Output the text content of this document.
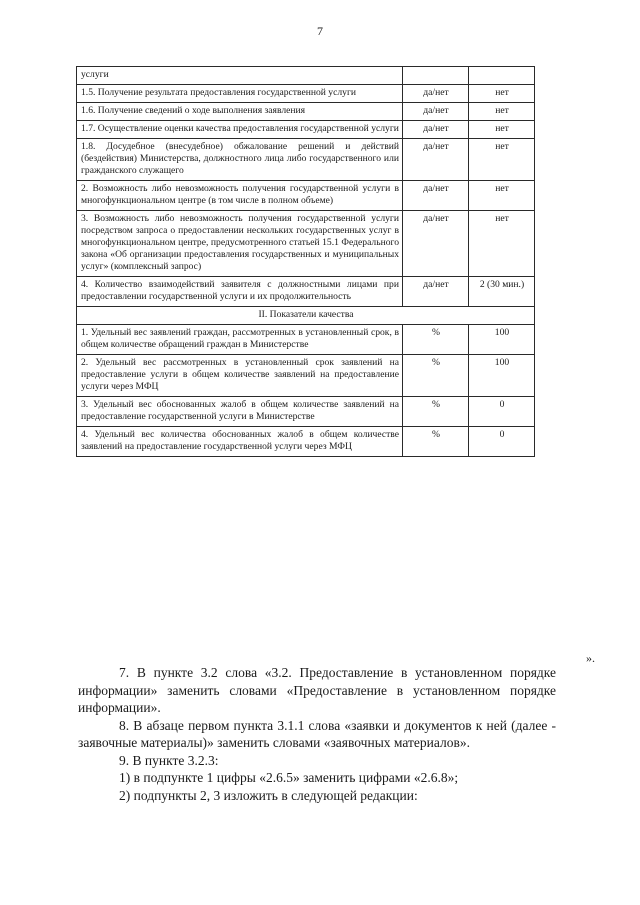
7
услуги		
1.5. Получение результата предоставления государственной услуги	да/нет	нет
1.6. Получение сведений о ходе выполнения заявления	да/нет	нет
1.7. Осуществление оценки качества предоставления государственной услуги	да/нет	нет
1.8. Досудебное (внесудебное) обжалование решений и действий (бездействия) Министерства, должностного лица либо государственного или гражданского служащего	да/нет	нет
2. Возможность либо невозможность получения государственной услуги в многофункциональном центре (в том числе в полном объеме)	да/нет	нет
3. Возможность либо невозможность получения государственной услуги посредством запроса о предоставлении нескольких государственных услуг в многофункциональном центре, предусмотренного статьей 15.1 Федерального закона «Об организации предоставления государственных и муниципальных услуг» (комплексный запрос)	да/нет	нет
4. Количество взаимодействий заявителя с должностными лицами при предоставлении государственной услуги и их продолжительность	да/нет	2 (30 мин.)
II. Показатели качества		
1. Удельный вес заявлений граждан, рассмотренных в установленный срок, в общем количестве обращений граждан в Министерстве	%	100
2. Удельный вес рассмотренных в установленный срок заявлений на предоставление услуги в общем количестве заявлений на предоставление услуги через МФЦ	%	100
3. Удельный вес обоснованных жалоб в общем количестве заявлений на предоставление государственной услуги в Министерстве	%	0
4. Удельный вес количества обоснованных жалоб в общем количестве заявлений на предоставление государственной услуги через МФЦ	%	0
».

7. В пункте 3.2 слова «3.2. Предоставление в установленном порядке информации» заменить словами «Предоставление в установленном порядке информации».

8. В абзаце первом пункта 3.1.1 слова «заявки и документов к ней (далее - заявочные материалы)» заменить словами «заявочных материалов».

9. В пункте 3.2.3:

1) в подпункте 1 цифры «2.6.5» заменить цифрами «2.6.8»;

2) подпункты 2, 3 изложить в следующей редакции:
